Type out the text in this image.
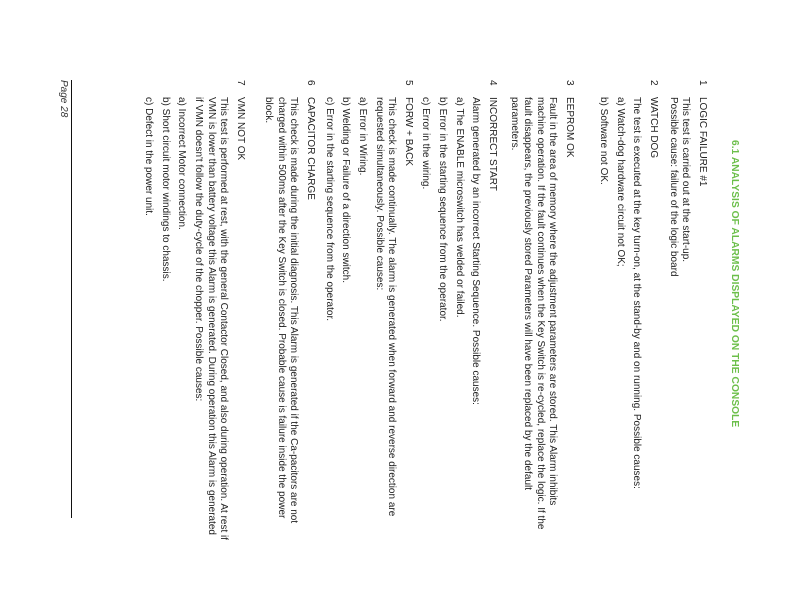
6.1 ANALYSIS OF ALARMS DISPLAYED ON THE CONSOLE
1
LOGIC FAILURE #1

This test is carried out at the start-up.

Possible cause: failure of the logic board

2
WATCH DOG

The test is executed at the key turn-on, at the stand-by and on running. Possible causes:

a) Watch-dog hardware circuit not OK;

b) Software not OK.

3
EEPROM OK

Fault in the area of memory where the adjustment parameters are stored. This Alarm inhibits machine operation. If the fault continues when the Key Switch is re-cycled, replace the logic. If the fault disappears, the previously stored Parameters will have been replaced by the default parameters.

4
INCORRECT START

Alarm generated by an incorrect Starting Sequence. Possible causes:

a) The ENABLE microswitch has welded or failed.

b) Error in the starting sequence from the operator.

c) Error in the wiring.

5
FORW + BACK

This check is made continually. The alarm is generated when forward and reverse direction are requested simultaneously. Possible causes:

a) Error in Wiring.

b) Welding or Failure of a direction switch.

c) Error in the starting sequence from the operator.

6
CAPACITOR CHARGE

This check is made during the initial diagnosis. This Alarm is generated if the Ca-pacitors are not charged within 500ms after the Key Switch is closed. Probable cause is failure inside the power block.

7
VMN NOT OK

This test is performed at rest, with the general Contactor Closed, and also during operation. At rest if VMN is lower than battery voltage this Alarm is generated. During operation this Alarm is generated if VMN doesn't follow the duty-cycle of the chopper. Possible causes:

a) Incorrect Motor connection.

b) Short circuit motor windings to chassis.

c) Defect in the power unit.

Page 28
